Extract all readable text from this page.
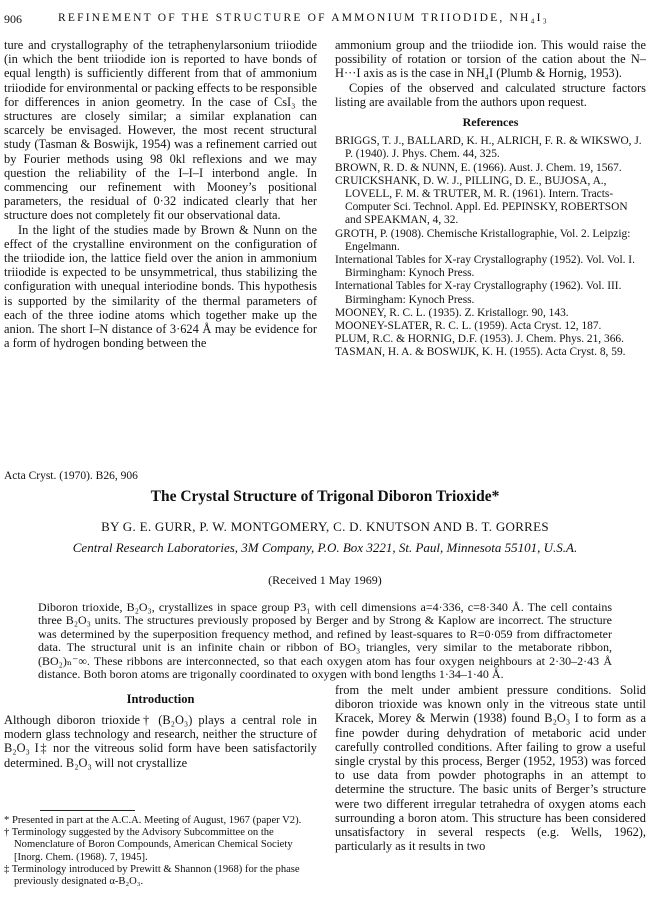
906	REFINEMENT OF THE STRUCTURE OF AMMONIUM TRIIODIDE, NH₄I₃

ture and crystallography of the tetraphenylarsonium triiodide (in which the bent triiodide ion is reported to have bonds of equal length) is sufficiently different from that of ammonium triiodide for environmental or packing effects to be responsible for differences in anion geometry. In the case of CsI₃ the structures are closely similar; a similar explanation can scarcely be envisaged. However, the most recent structural study (Tasman & Boswijk, 1954) was a refinement carried out by Fourier methods using 98 0kl reflexions and we may question the reliability of the I–I–I interbond angle. In commencing our refinement with Mooney’s positional parameters, the residual of 0·32 indicated clearly that her structure does not completely fit our observational data.

In the light of the studies made by Brown & Nunn on the effect of the crystalline environment on the configuration of the triiodide ion, the lattice field over the anion in ammonium triiodide is expected to be unsymmetrical, thus stabilizing the configuration with unequal interiodine bonds. This hypothesis is supported by the similarity of the thermal parameters of each of the three iodine atoms which together make up the anion. The short I–N distance of 3·624 Å may be evidence for a form of hydrogen bonding between the

ammonium group and the triiodide ion. This would raise the possibility of rotation or torsion of the cation about the N–H···I axis as is the case in NH₄I (Plumb & Hornig, 1953).

Copies of the observed and calculated structure factors listing are available from the authors upon request.

References

BRIGGS, T. J., BALLARD, K. H., ALRICH, F. R. & WIKSWO, J. P. (1940). J. Phys. Chem. 44, 325.

BROWN, R. D. & NUNN, E. (1966). Aust. J. Chem. 19, 1567.

CRUICKSHANK, D. W. J., PILLING, D. E., BUJOSA, A., LOVELL, F. M. & TRUTER, M. R. (1961). Intern. Tracts- Computer Sci. Technol. Appl. Ed. PEPINSKY, ROBERTSON and SPEAKMAN, 4, 32.

GROTH, P. (1908). Chemische Kristallographie, Vol. 2. Leipzig: Engelmann.

International Tables for X-ray Crystallography (1952). Vol. Vol. I. Birmingham: Kynoch Press.

International Tables for X-ray Crystallography (1962). Vol. III. Birmingham: Kynoch Press.

MOONEY, R. C. L. (1935). Z. Kristallogr. 90, 143.

MOONEY-SLATER, R. C. L. (1959). Acta Cryst. 12, 187.

PLUM, R.C. & HORNIG, D.F. (1953). J. Chem. Phys. 21, 366.

TASMAN, H. A. & BOSWIJK, K. H. (1955). Acta Cryst. 8, 59.

Acta Cryst. (1970). B26, 906
The Crystal Structure of Trigonal Diboron Trioxide*
BY G. E. GURR, P. W. MONTGOMERY, C. D. KNUTSON AND B. T. GORRES
Central Research Laboratories, 3M Company, P.O. Box 3221, St. Paul, Minnesota 55101, U.S.A.
(Received 1 May 1969)
Diboron trioxide, B₂O₃, crystallizes in space group P3₁ with cell dimensions a=4·336, c=8·340 Å. The cell contains three B₂O₃ units. The structures previously proposed by Berger and by Strong & Kaplow are incorrect. The structure was determined by the superposition frequency method, and refined by least-squares to R=0·059 from diffractometer data. The structural unit is an infinite chain or ribbon of BO₃ triangles, very similar to the metaborate ribbon, (BO₂)ₙ⁻∞. These ribbons are interconnected, so that each oxygen atom has four oxygen neighbours at 2·30–2·43 Å distance. Both boron atoms are trigonally coordinated to oxygen with bond lengths 1·34–1·40 Å.
Introduction
Although diboron trioxide† (B₂O₃) plays a central role in modern glass technology and research, neither the structure of B₂O₃ I‡ nor the vitreous solid form have been satisfactorily determined. B₂O₃ will not crystallize
from the melt under ambient pressure conditions. Solid diboron trioxide was known only in the vitreous state until Kracek, Morey & Merwin (1938) found B₂O₃ I to form as a fine powder during dehydration of metaboric acid under carefully controlled conditions. After failing to grow a useful single crystal by this process, Berger (1952, 1953) was forced to use data from powder photographs in an attempt to determine the structure. The basic units of Berger’s structure were two different irregular tetrahedra of oxygen atoms each surrounding a boron atom. This structure has been considered unsatisfactory in several respects (e.g. Wells, 1962), particularly as it results in two

* Presented in part at the A.C.A. Meeting of August, 1967 (paper V2).

† Terminology suggested by the Advisory Subcommittee on the Nomenclature of Boron Compounds, American Chemical Society [Inorg. Chem. (1968). 7, 1945].

‡ Terminology introduced by Prewitt & Shannon (1968) for the phase previously designated α-B₂O₃.
